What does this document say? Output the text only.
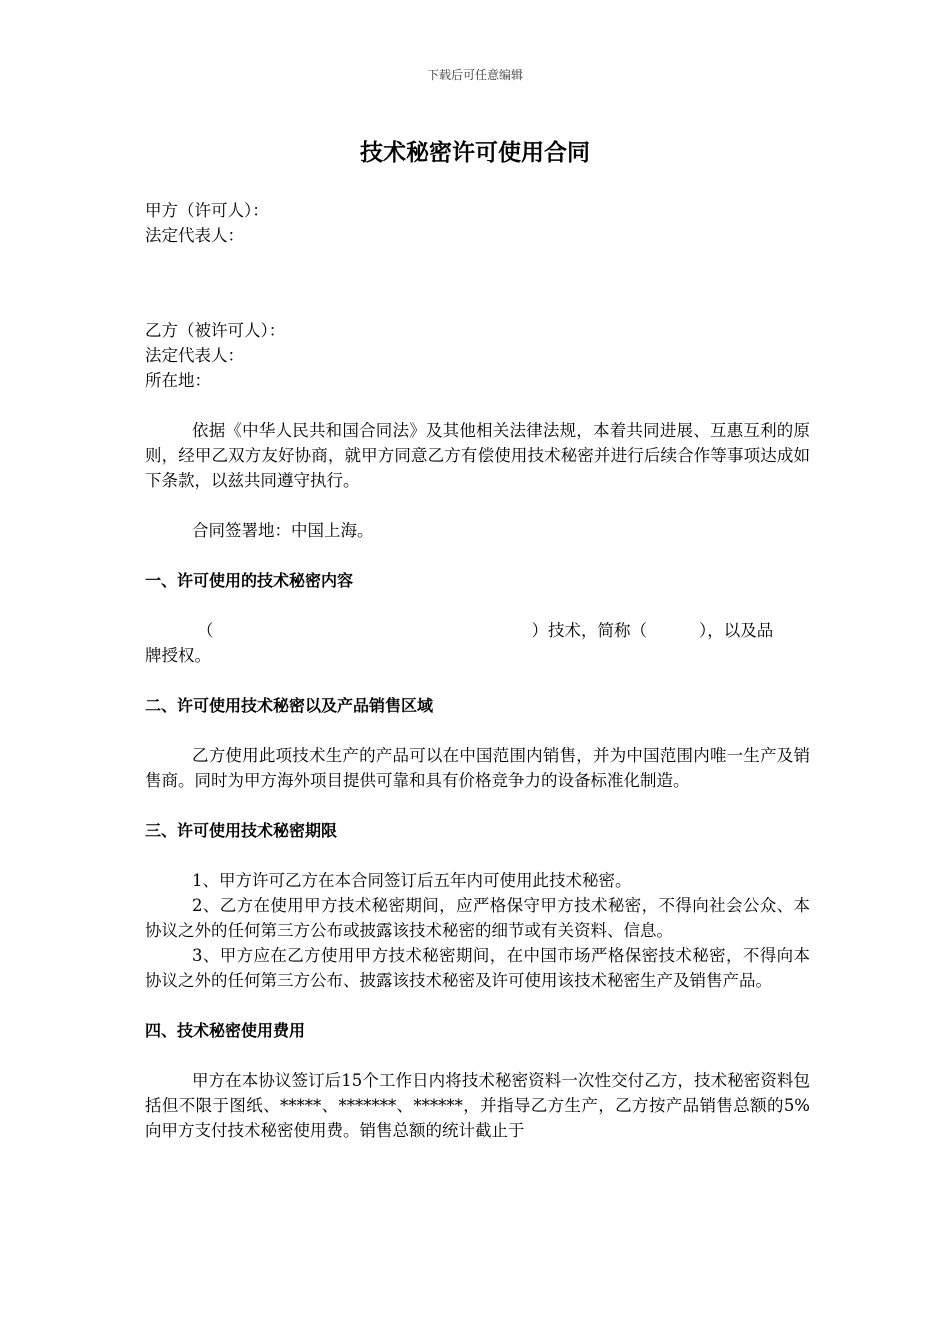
下载后可任意编辑
技术秘密许可使用合同

甲方（许可人）：

法定代表人：

乙方（被许可人）：

法定代表人：

所在地：

依据《中华人民共和国合同法》及其他相关法律法规，本着共同进展、互惠互利的原则，经甲乙双方友好协商，就甲方同意乙方有偿使用技术秘密并进行后续合作等事项达成如下条款，以兹共同遵守执行。

合同签署地：中国上海。

一、许可使用的技术秘密内容

（	）技术，简称（	），以及品

牌授权。

二、许可使用技术秘密以及产品销售区域

乙方使用此项技术生产的产品可以在中国范围内销售，并为中国范围内唯一生产及销售商。同时为甲方海外项目提供可靠和具有价格竞争力的设备标准化制造。

三、许可使用技术秘密期限

1、甲方许可乙方在本合同签订后五年内可使用此技术秘密。

2、乙方在使用甲方技术秘密期间，应严格保守甲方技术秘密，不得向社会公众、本协议之外的任何第三方公布或披露该技术秘密的细节或有关资料、信息。

3、甲方应在乙方使用甲方技术秘密期间，在中国市场严格保密技术秘密，不得向本协议之外的任何第三方公布、披露该技术秘密及许可使用该技术秘密生产及销售产品。

四、技术秘密使用费用

甲方在本协议签订后15个工作日内将技术秘密资料一次性交付乙方，技术秘密资料包括但不限于图纸、*****、*******、******，并指导乙方生产，乙方按产品销售总额的5%向甲方支付技术秘密使用费。销售总额的统计截止于
